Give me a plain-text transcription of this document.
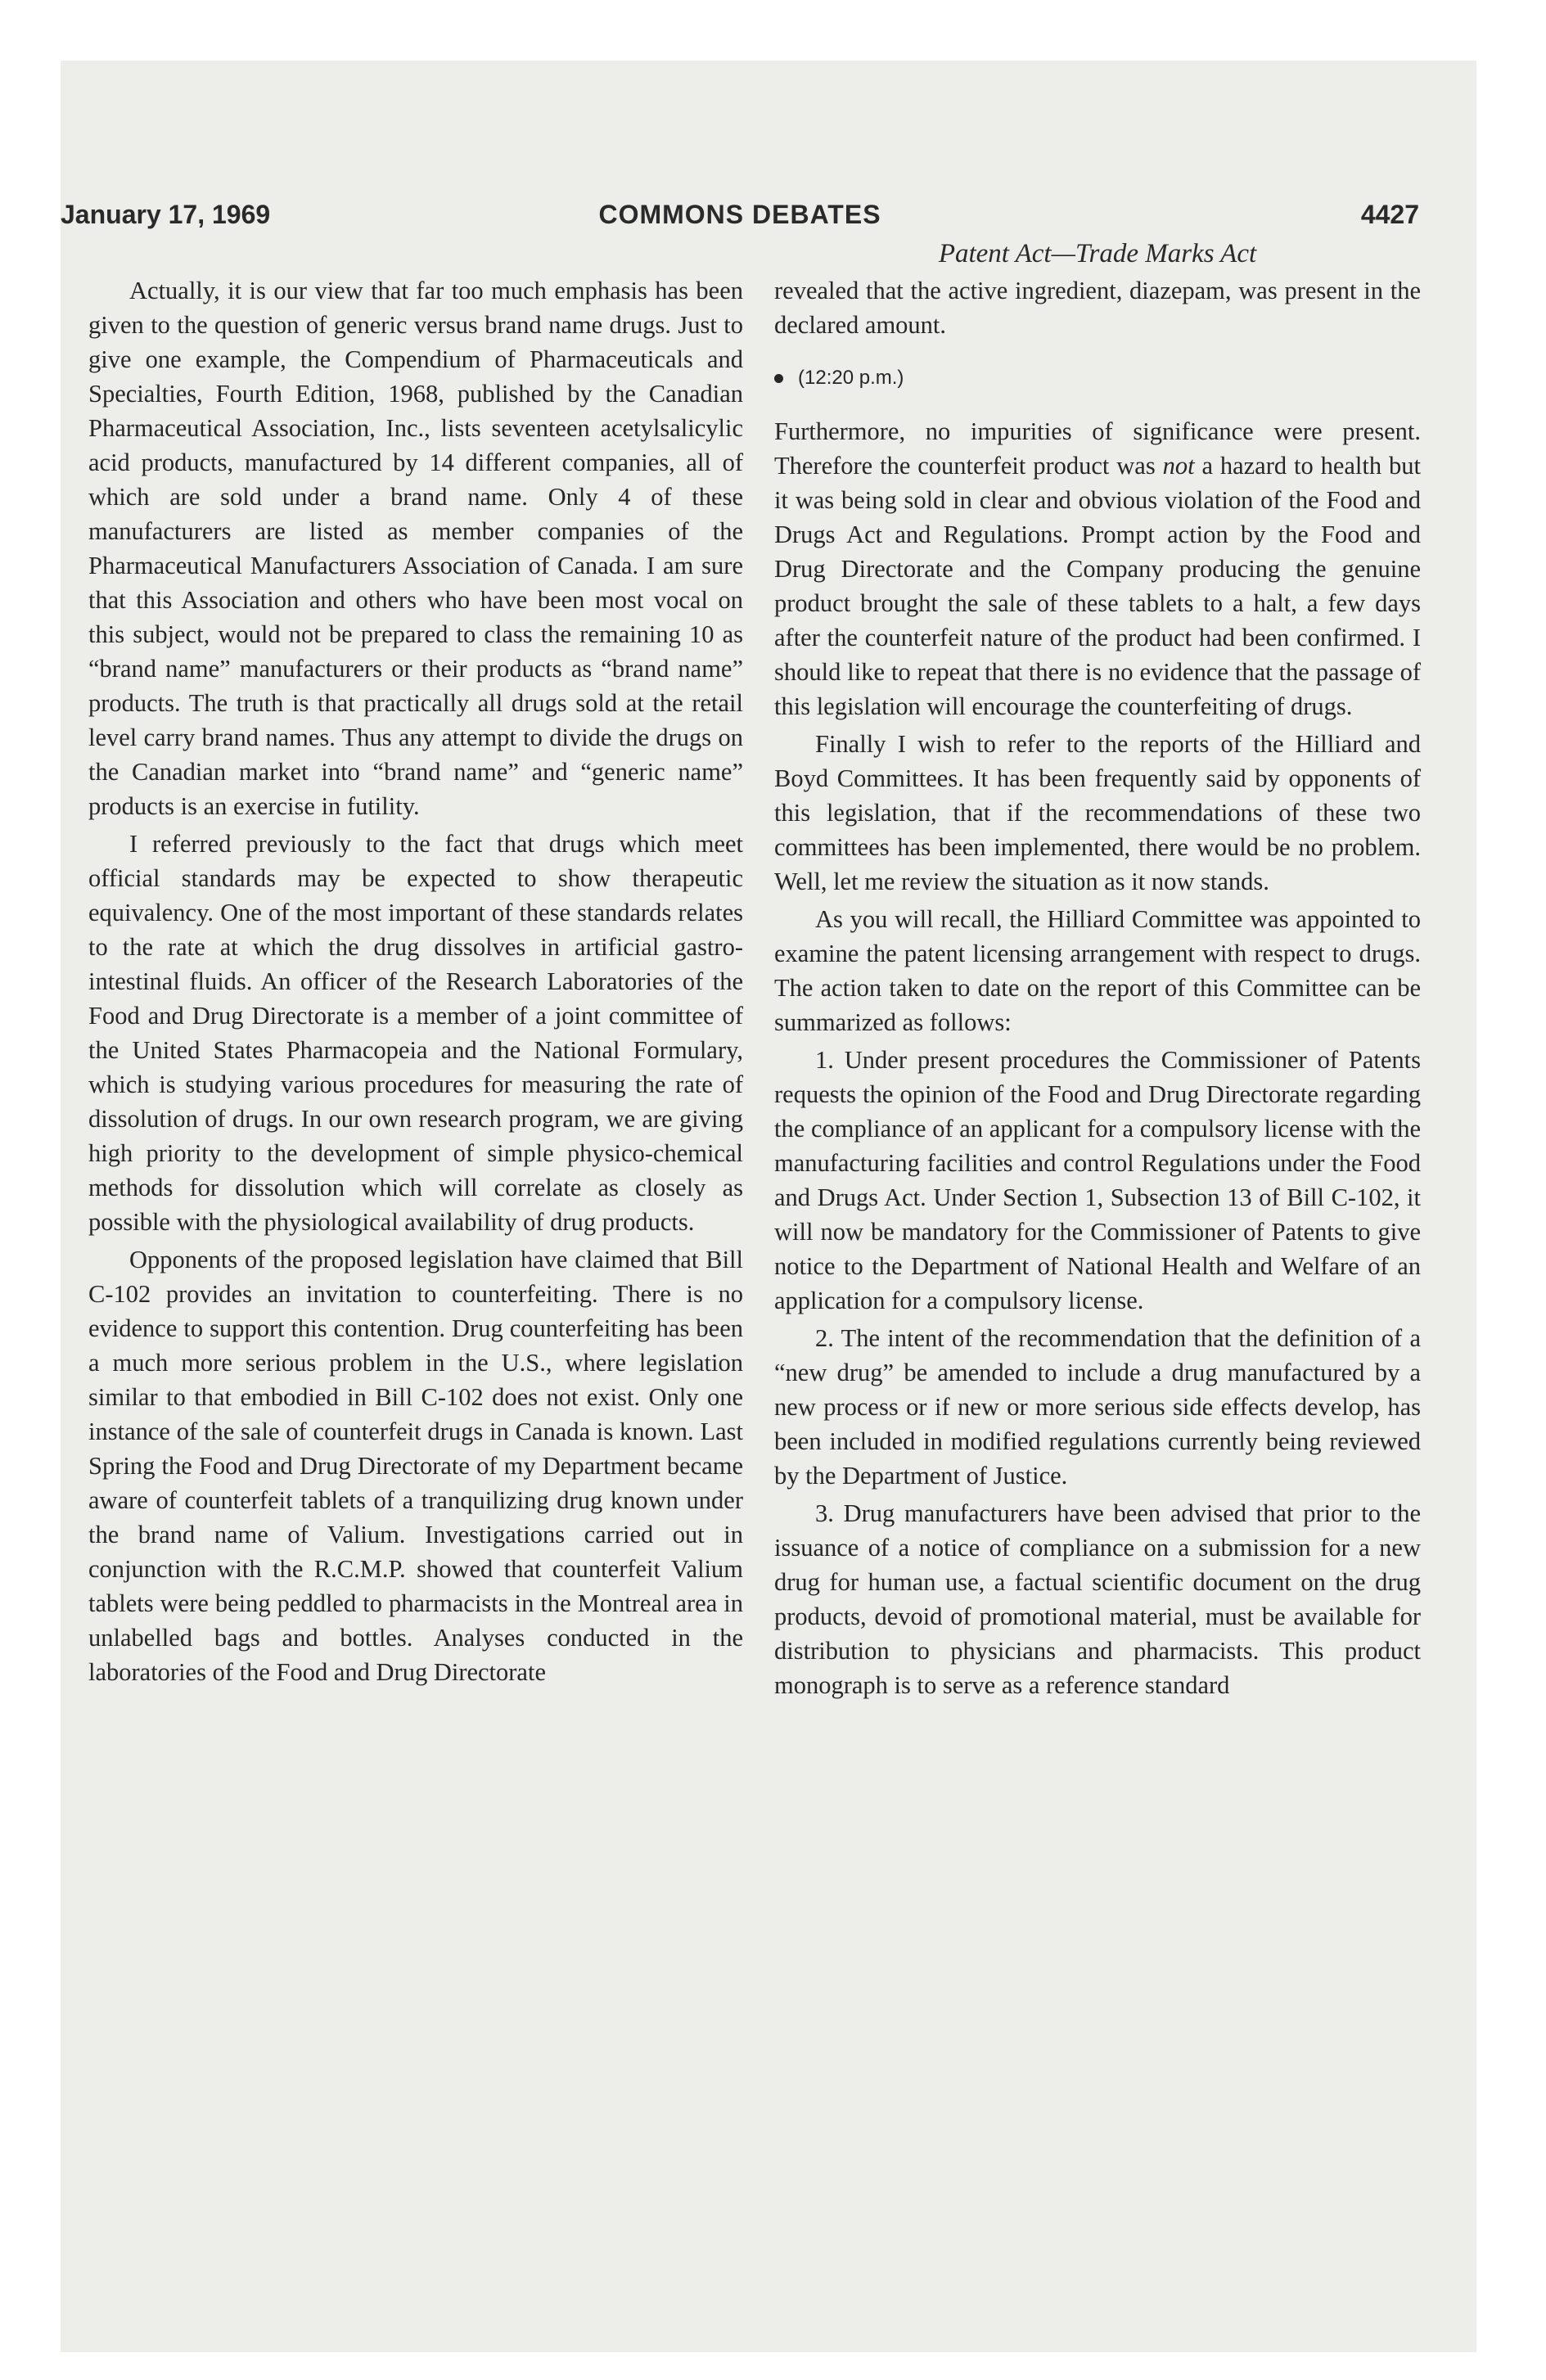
January 17, 1969	COMMONS DEBATES	4427
Patent Act—Trade Marks Act

Actually, it is our view that far too much emphasis has been given to the question of generic versus brand name drugs. Just to give one example, the Compendium of Pharmaceuticals and Specialties, Fourth Edition, 1968, published by the Canadian Pharmaceutical Association, Inc., lists seventeen acetylsalicylic acid products, manufactured by 14 different companies, all of which are sold under a brand name. Only 4 of these manufacturers are listed as member companies of the Pharmaceutical Manufacturers Association of Canada. I am sure that this Association and others who have been most vocal on this subject, would not be prepared to class the remaining 10 as “brand name” manufacturers or their products as “brand name” products. The truth is that practically all drugs sold at the retail level carry brand names. Thus any attempt to divide the drugs on the Canadian market into “brand name” and “generic name” products is an exercise in futility.

I referred previously to the fact that drugs which meet official standards may be expected to show therapeutic equivalency. One of the most important of these standards relates to the rate at which the drug dissolves in artificial gastro-intestinal fluids. An officer of the Research Laboratories of the Food and Drug Directorate is a member of a joint committee of the United States Pharmacopeia and the National Formulary, which is studying various procedures for measuring the rate of dissolution of drugs. In our own research program, we are giving high priority to the development of simple physico-chemical methods for dissolution which will correlate as closely as possible with the physiological availability of drug products.

Opponents of the proposed legislation have claimed that Bill C-102 provides an invitation to counterfeiting. There is no evidence to support this contention. Drug counterfeiting has been a much more serious problem in the U.S., where legislation similar to that embodied in Bill C-102 does not exist. Only one instance of the sale of counterfeit drugs in Canada is known. Last Spring the Food and Drug Directorate of my Department became aware of counterfeit tablets of a tranquilizing drug known under the brand name of Valium. Investigations carried out in conjunction with the R.C.M.P. showed that counterfeit Valium tablets were being peddled to pharmacists in the Montreal area in unlabelled bags and bottles. Analyses conducted in the laboratories of the Food and Drug Directorate

revealed that the active ingredient, diazepam, was present in the declared amount.

(12:20 p.m.)

Furthermore, no impurities of significance were present. Therefore the counterfeit product was not a hazard to health but it was being sold in clear and obvious violation of the Food and Drugs Act and Regulations. Prompt action by the Food and Drug Directorate and the Company producing the genuine product brought the sale of these tablets to a halt, a few days after the counterfeit nature of the product had been confirmed. I should like to repeat that there is no evidence that the passage of this legislation will encourage the counterfeiting of drugs.

Finally I wish to refer to the reports of the Hilliard and Boyd Committees. It has been frequently said by opponents of this legislation, that if the recommendations of these two committees has been implemented, there would be no problem. Well, let me review the situation as it now stands.

As you will recall, the Hilliard Committee was appointed to examine the patent licensing arrangement with respect to drugs. The action taken to date on the report of this Committee can be summarized as follows:

1. Under present procedures the Commissioner of Patents requests the opinion of the Food and Drug Directorate regarding the compliance of an applicant for a compulsory license with the manufacturing facilities and control Regulations under the Food and Drugs Act. Under Section 1, Subsection 13 of Bill C-102, it will now be mandatory for the Commissioner of Patents to give notice to the Department of National Health and Welfare of an application for a compulsory license.

2. The intent of the recommendation that the definition of a “new drug” be amended to include a drug manufactured by a new process or if new or more serious side effects develop, has been included in modified regulations currently being reviewed by the Department of Justice.

3. Drug manufacturers have been advised that prior to the issuance of a notice of compliance on a submission for a new drug for human use, a factual scientific document on the drug products, devoid of promotional material, must be available for distribution to physicians and pharmacists. This product monograph is to serve as a reference standard
